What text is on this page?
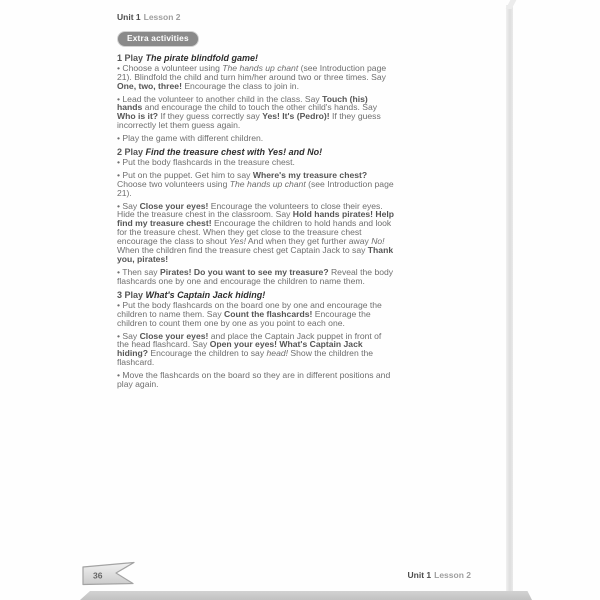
Unit 1 Lesson 2
Extra activities
1 Play The pirate blindfold game!

• Choose a volunteer using The hands up chant (see Introduction page 21). Blindfold the child and turn him/her around two or three times. Say One, two, three! Encourage the class to join in.

• Lead the volunteer to another child in the class. Say Touch (his) hands and encourage the child to touch the other child's hands. Say Who is it? If they guess correctly say Yes! It's (Pedro)! If they guess incorrectly let them guess again.

• Play the game with different children.

2 Play Find the treasure chest with Yes! and No!

• Put the body flashcards in the treasure chest.

• Put on the puppet. Get him to say Where's my treasure chest? Choose two volunteers using The hands up chant (see Introduction page 21).

• Say Close your eyes! Encourage the volunteers to close their eyes. Hide the treasure chest in the classroom. Say Hold hands pirates! Help find my treasure chest! Encourage the children to hold hands and look for the treasure chest. When they get close to the treasure chest encourage the class to shout Yes! And when they get further away No! When the children find the treasure chest get Captain Jack to say Thank you, pirates!

• Then say Pirates! Do you want to see my treasure? Reveal the body flashcards one by one and encourage the children to name them.

3 Play What's Captain Jack hiding!

• Put the body flashcards on the board one by one and encourage the children to name them. Say Count the flashcards! Encourage the children to count them one by one as you point to each one.

• Say Close your eyes! and place the Captain Jack puppet in front of the head flashcard. Say Open your eyes! What's Captain Jack hiding? Encourage the children to say head! Show the children the flashcard.

• Move the flashcards on the board so they are in different positions and play again.

36	Unit 1 Lesson 2
